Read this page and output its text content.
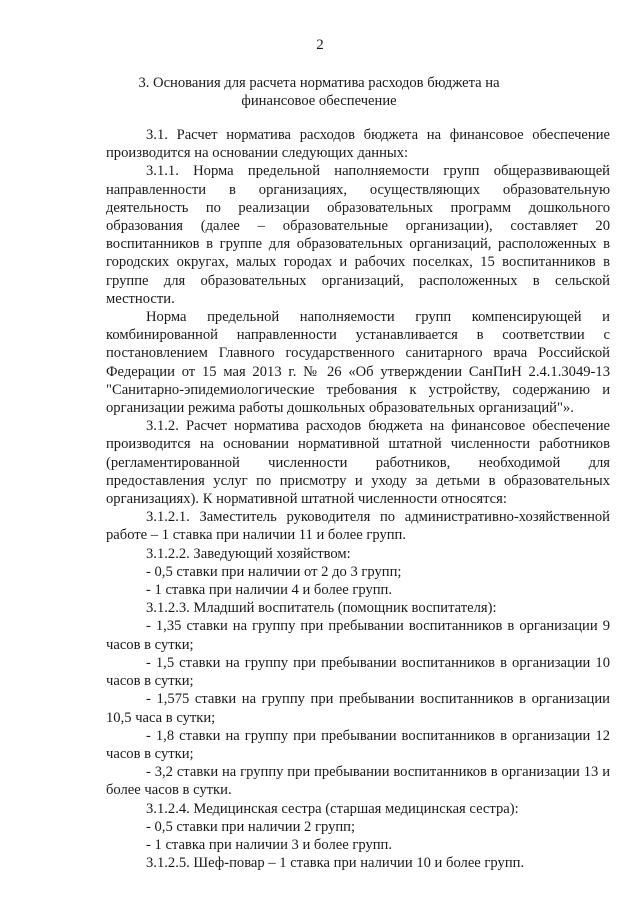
2
3. Основания для расчета норматива расходов бюджета на финансовое обеспечение

3.1. Расчет норматива расходов бюджета на финансовое обеспечение производится на основании следующих данных:

3.1.1. Норма предельной наполняемости групп общеразвивающей направленности в организациях, осуществляющих образовательную деятельность по реализации образовательных программ дошкольного образования (далее – образовательные организации), составляет 20 воспитанников в группе для образовательных организаций, расположенных в городских округах, малых городах и рабочих поселках, 15 воспитанников в группе для образовательных организаций, расположенных в сельской местности.

Норма предельной наполняемости групп компенсирующей и комбинированной направленности устанавливается в соответствии с постановлением Главного государственного санитарного врача Российской Федерации от 15 мая 2013 г. № 26 «Об утверждении СанПиН 2.4.1.3049-13 "Санитарно-эпидемиологические требования к устройству, содержанию и организации режима работы дошкольных образовательных организаций"».

3.1.2. Расчет норматива расходов бюджета на финансовое обеспечение производится на основании нормативной штатной численности работников (регламентированной численности работников, необходимой для предоставления услуг по присмотру и уходу за детьми в образовательных организациях). К нормативной штатной численности относятся:

3.1.2.1. Заместитель руководителя по административно-хозяйственной работе – 1 ставка при наличии 11 и более групп.

3.1.2.2. Заведующий хозяйством:

- 0,5 ставки при наличии от 2 до 3 групп;

- 1 ставка при наличии 4 и более групп.

3.1.2.3. Младший воспитатель (помощник воспитателя):

- 1,35 ставки на группу при пребывании воспитанников в организации 9 часов в сутки;

- 1,5 ставки на группу при пребывании воспитанников в организации 10 часов в сутки;

- 1,575 ставки на группу при пребывании воспитанников в организации 10,5 часа в сутки;

- 1,8 ставки на группу при пребывании воспитанников в организации 12 часов в сутки;

- 3,2 ставки на группу при пребывании воспитанников в организации 13 и более часов в сутки.

3.1.2.4. Медицинская сестра (старшая медицинская сестра):

- 0,5 ставки при наличии 2 групп;

- 1 ставка при наличии 3 и более групп.

3.1.2.5. Шеф-повар – 1 ставка при наличии 10 и более групп.
